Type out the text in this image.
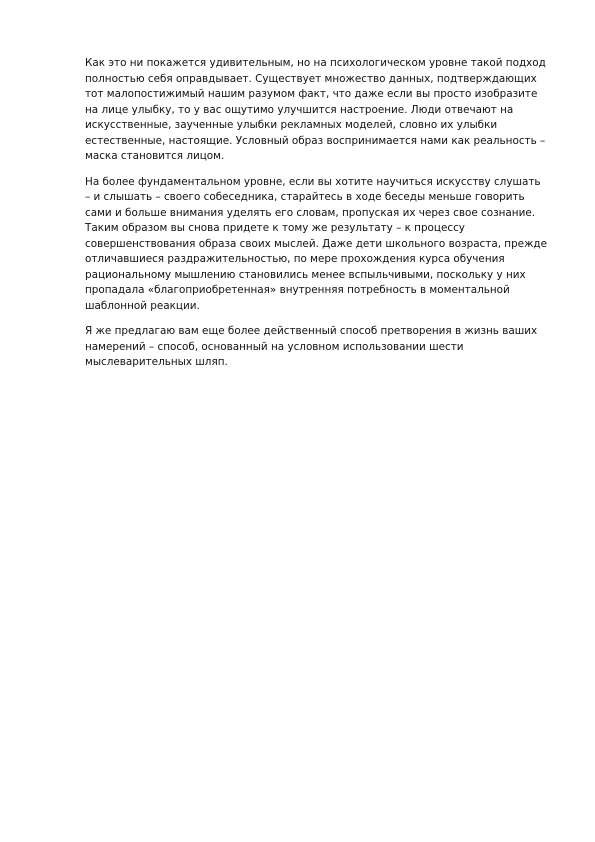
Как это ни покажется удивительным, но на психологическом уровне такой подход полностью себя оправдывает. Существует множество данных, подтверждающих тот малопостижимый нашим разумом факт, что даже если вы просто изобразите на лице улыбку, то у вас ощутимо улучшится настроение. Люди отвечают на искусственные, заученные улыбки рекламных моделей, словно их улыбки естественные, настоящие. Условный образ воспринимается нами как реальность – маска становится лицом.

На более фундаментальном уровне, если вы хотите научиться искусству слушать – и слышать – своего собеседника, старайтесь в ходе беседы меньше говорить сами и больше внимания уделять его словам, пропуская их через свое сознание. Таким образом вы снова придете к тому же результату – к процессу совершенствования образа своих мыслей. Даже дети школьного возраста, прежде отличавшиеся раздражительностью, по мере прохождения курса обучения рациональному мышлению становились менее вспыльчивыми, поскольку у них пропадала «благоприобретенная» внутренняя потребность в моментальной шаблонной реакции.

Я же предлагаю вам еще более действенный способ претворения в жизнь ваших намерений – способ, основанный на условном использовании шести мыслеварительных шляп.
